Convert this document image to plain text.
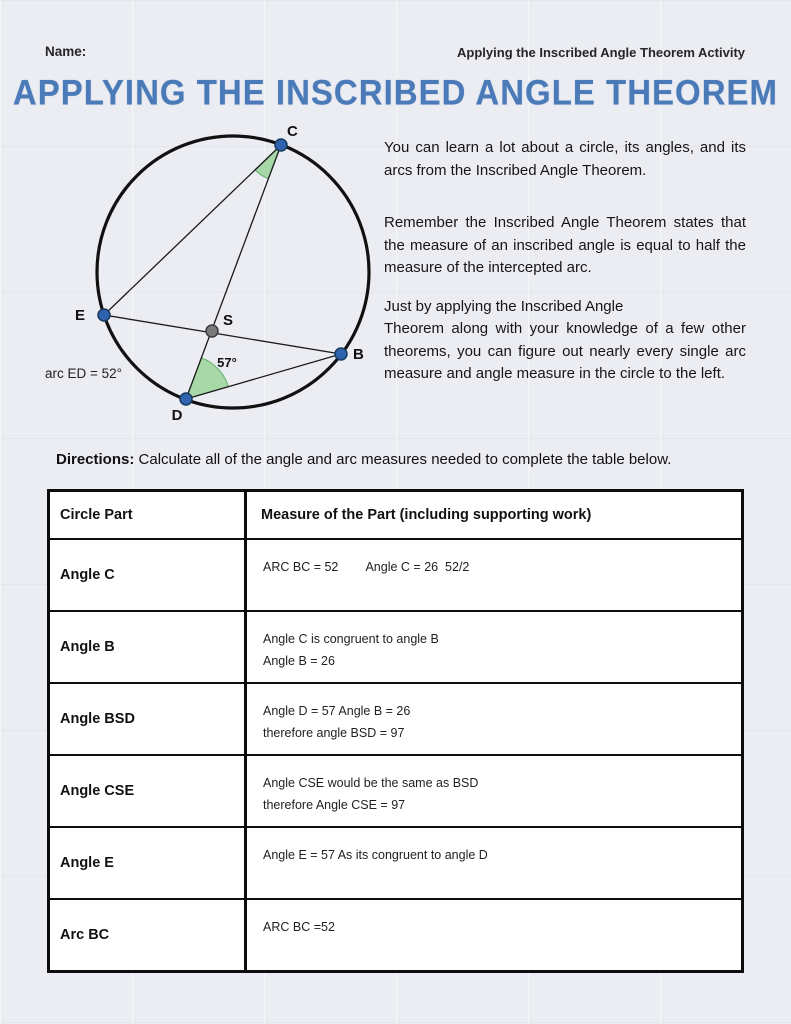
Name:	Applying the Inscribed Angle Theorem Activity
APPLYING THE INSCRIBED ANGLE THEOREM
C
E	S
B
D
57°
arc ED = 52°

You can learn a lot about a circle, its angles, and its arcs from the Inscribed Angle Theorem.

Remember the Inscribed Angle Theorem states that the measure of an inscribed angle is equal to half the measure of the intercepted arc.

Just by applying the Inscribed Angle
Theorem along with your knowledge of a few other theorems, you can figure out nearly every single arc measure and angle measure in the circle to the left.

Directions: Calculate all of the angle and arc measures needed to complete the table below.
Circle Part	Measure of the Part (including supporting work)
Angle C	ARC BC = 52        Angle C = 26  52/2
Angle B	Angle C is congruent to angle B
Angle B = 26
Angle BSD	Angle D = 57 Angle B = 26
therefore angle BSD = 97
Angle CSE	Angle CSE would be the same as BSD
therefore Angle CSE = 97
Angle E	Angle E = 57 As its congruent to angle D
Arc BC	ARC BC =52
